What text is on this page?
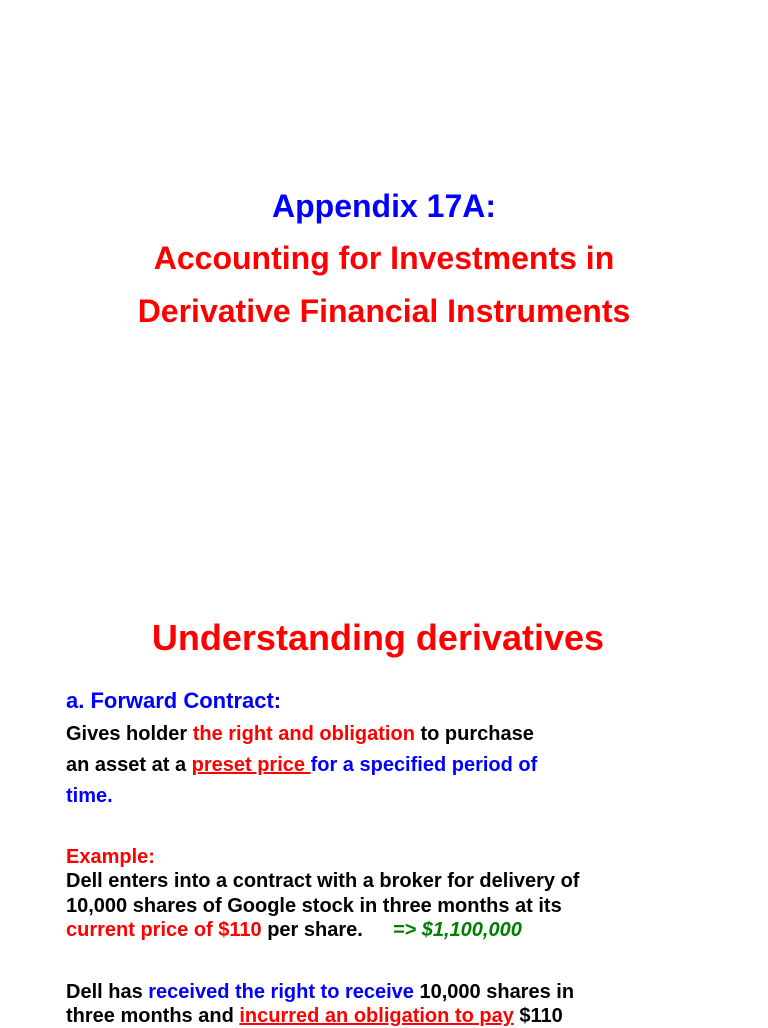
Appendix 17A:
Accounting for Investments in
Derivative Financial Instruments
Understanding derivatives
a. Forward Contract:
Gives holder the right and obligation to purchase
an asset at a preset price for a specified period of
time.
Example:
Dell enters into a contract with a broker for delivery of
10,000 shares of Google stock in three months at its
current price of $110 per share. => $1,100,000
Dell has received the right to receive 10,000 shares in
three months and incurred an obligation to pay $110
